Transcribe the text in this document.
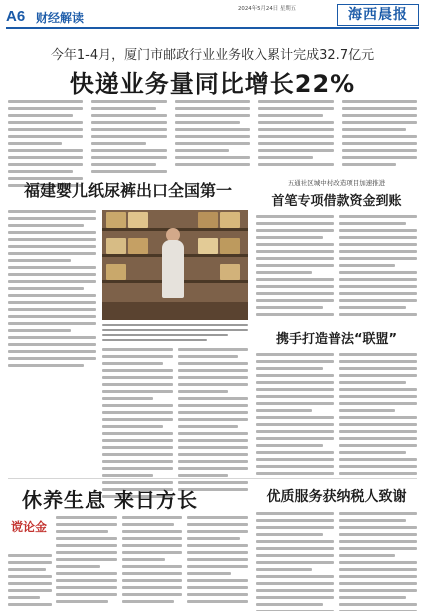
A6 财经解读
2024年5月24日 星期五	海西晨报
今年1-4月，厦门市邮政行业业务收入累计完成32.7亿元
快递业务量同比增长22%
福建婴儿纸尿裤出口全国第一	五通社区城中村改造项目加速推进
首笔专项借款资金到账
携手打造普法“联盟”
休养生息 来日方长
谠论金
优质服务获纳税人致谢
